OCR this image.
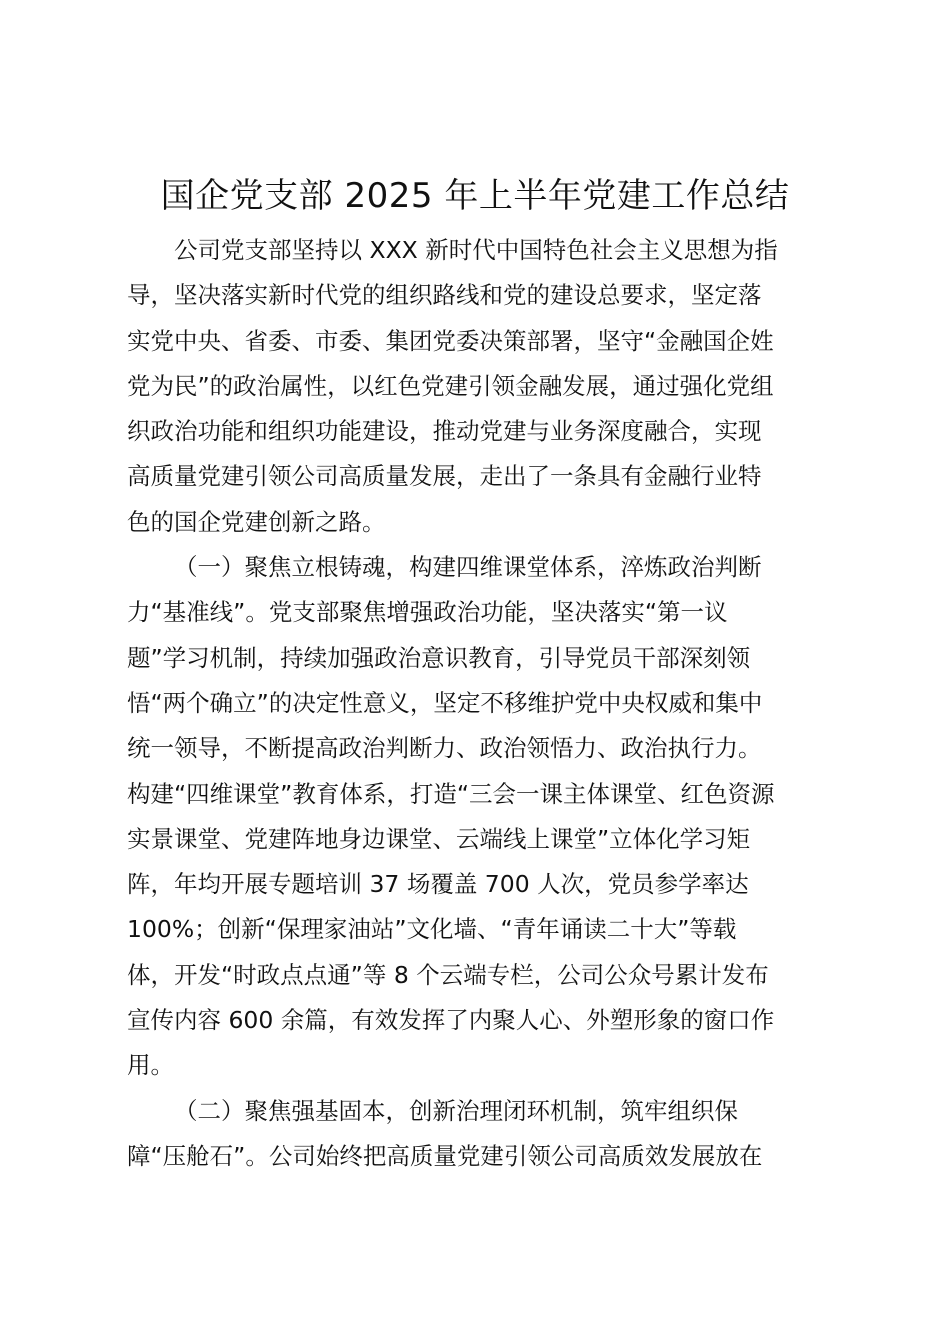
国企党支部 2025 年上半年党建工作总结

公司党支部坚持以 XXX 新时代中国特色社会主义思想为指

导，坚决落实新时代党的组织路线和党的建设总要求，坚定落

实党中央、省委、市委、集团党委决策部署，坚守“金融国企姓

党为民”的政治属性，以红色党建引领金融发展，通过强化党组

织政治功能和组织功能建设，推动党建与业务深度融合，实现

高质量党建引领公司高质量发展，走出了一条具有金融行业特

色的国企党建创新之路。

（一）聚焦立根铸魂，构建四维课堂体系，淬炼政治判断

力“基准线”。党支部聚焦增强政治功能，坚决落实“第一议

题”学习机制，持续加强政治意识教育，引导党员干部深刻领

悟“两个确立”的决定性意义，坚定不移维护党中央权威和集中

统一领导，不断提高政治判断力、政治领悟力、政治执行力。

构建“四维课堂”教育体系，打造“三会一课主体课堂、红色资源

实景课堂、党建阵地身边课堂、云端线上课堂”立体化学习矩

阵，年均开展专题培训 37 场覆盖 700 人次，党员参学率达

100%；创新“保理家油站”文化墙、“青年诵读二十大”等载

体，开发“时政点点通”等 8 个云端专栏，公司公众号累计发布

宣传内容 600 余篇，有效发挥了内聚人心、外塑形象的窗口作

用。

（二）聚焦强基固本，创新治理闭环机制，筑牢组织保

障“压舱石”。公司始终把高质量党建引领公司高质效发展放在
